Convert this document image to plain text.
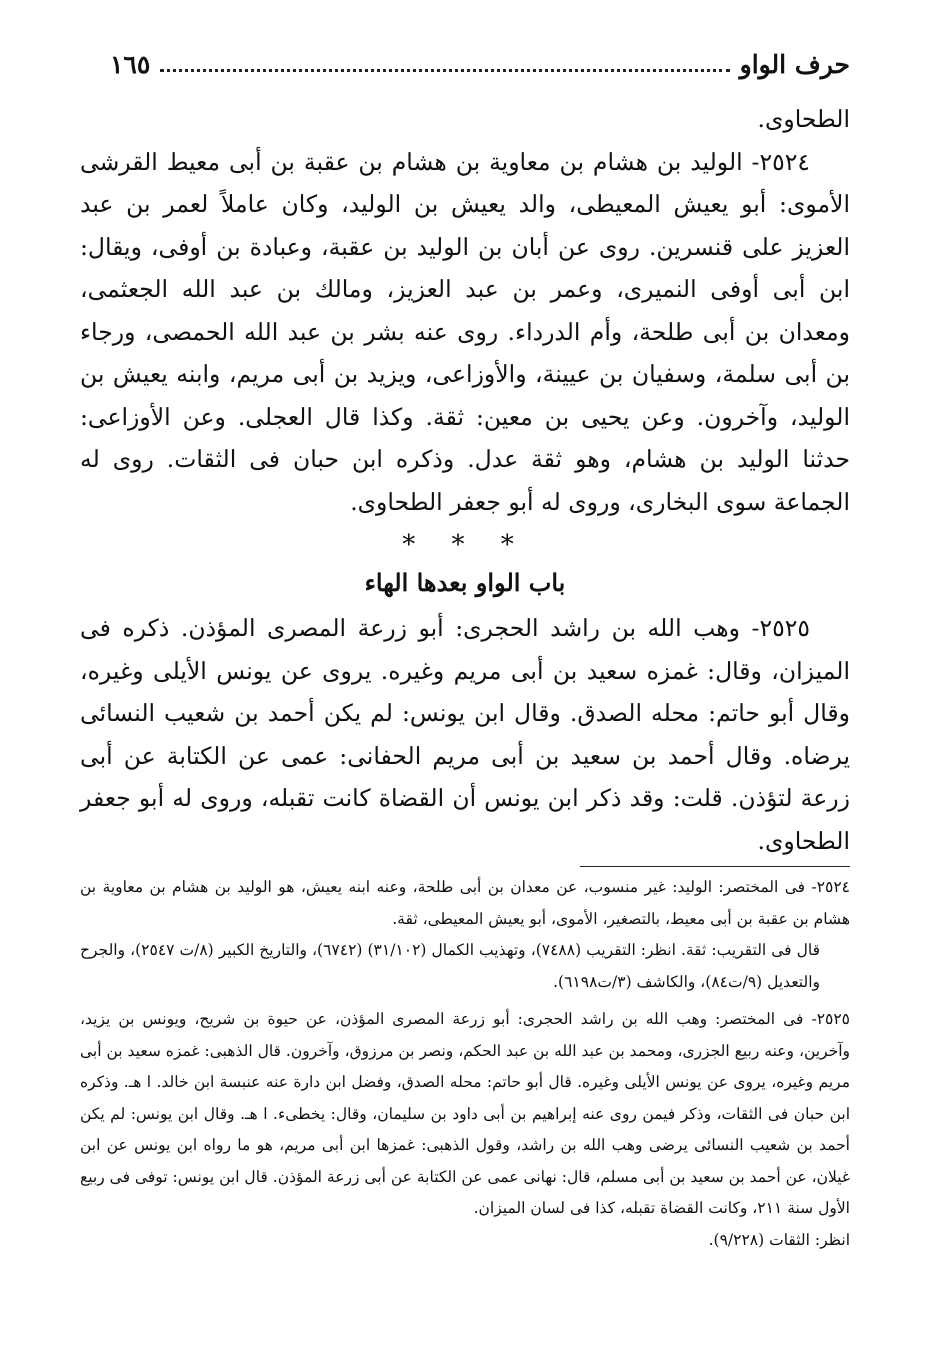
حرف الواو
١٦٥

الطحاوى.

٢٥٢٤- الوليد بن هشام بن معاوية بن هشام بن عقبة بن أبى معيط القرشى الأموى: أبو يعيش المعيطى، والد يعيش بن الوليد، وكان عاملاً لعمر بن عبد العزيز على قنسرين. روى عن أبان بن الوليد بن عقبة، وعبادة بن أوفى، ويقال: ابن أبى أوفى النميرى، وعمر بن عبد العزيز، ومالك بن عبد الله الجعثمى، ومعدان بن أبى طلحة، وأم الدرداء. روى عنه بشر بن عبد الله الحمصى، ورجاء بن أبى سلمة، وسفيان بن عيينة، والأوزاعى، ويزيد بن أبى مريم، وابنه يعيش بن الوليد، وآخرون. وعن يحيى بن معين: ثقة. وكذا قال العجلى. وعن الأوزاعى: حدثنا الوليد بن هشام، وهو ثقة عدل. وذكره ابن حبان فى الثقات. روى له الجماعة سوى البخارى، وروى له أبو جعفر الطحاوى.

* * *
باب الواو بعدها الهاء

٢٥٢٥- وهب الله بن راشد الحجرى: أبو زرعة المصرى المؤذن. ذكره فى الميزان، وقال: غمزه سعيد بن أبى مريم وغيره. يروى عن يونس الأيلى وغيره، وقال أبو حاتم: محله الصدق. وقال ابن يونس: لم يكن أحمد بن شعيب النسائى يرضاه. وقال أحمد بن سعيد بن أبى مريم الحفانى: عمى عن الكتابة عن أبى زرعة لتؤذن. قلت: وقد ذكر ابن يونس أن القضاة كانت تقبله، وروى له أبو جعفر الطحاوى.

٢٥٢٤- فى المختصر: الوليد: غير منسوب، عن معدان بن أبى طلحة، وعنه ابنه يعيش، هو الوليد بن هشام بن معاوية بن هشام بن عقبة بن أبى معيط، بالتصغير، الأموى، أبو يعيش المعيطى، ثقة.

قال فى التقريب: ثقة. انظر: التقريب (٧٤٨٨)، وتهذيب الكمال (٣١/١٠٢) (٦٧٤٢)، والتاريخ الكبير (٨/ت ٢٥٤٧)، والجرح والتعديل (٩/ت٨٤)، والكاشف (٣/ت٦١٩٨).

٢٥٢٥- فى المختصر: وهب الله بن راشد الحجرى: أبو زرعة المصرى المؤذن، عن حيوة بن شريح، ويونس بن يزيد، وآخرين، وعنه ربيع الجزرى، ومحمد بن عبد الله بن عبد الحكم، ونصر بن مرزوق، وآخرون. قال الذهبى: غمزه سعيد بن أبى مريم وغيره، يروى عن يونس الأيلى وغيره. قال أبو حاتم: محله الصدق، وفضل ابن دارة عنه عنبسة ابن خالد. ا هـ. وذكره ابن حبان فى الثقات، وذكر فيمن روى عنه إبراهيم بن أبى داود بن سليمان، وقال: يخطىء. ا هـ. وقال ابن يونس: لم يكن أحمد بن شعيب النسائى يرضى وهب الله بن راشد، وقول الذهبى: غمزها ابن أبى مريم، هو ما رواه ابن يونس عن ابن غيلان، عن أحمد بن سعيد بن أبى مسلم، قال: نهانى عمى عن الكتابة عن أبى زرعة المؤذن. قال ابن يونس: توفى فى ربيع الأول سنة ٢١١، وكانت القضاة تقبله، كذا فى لسان الميزان.

انظر: الثقات (٩/٢٢٨).
